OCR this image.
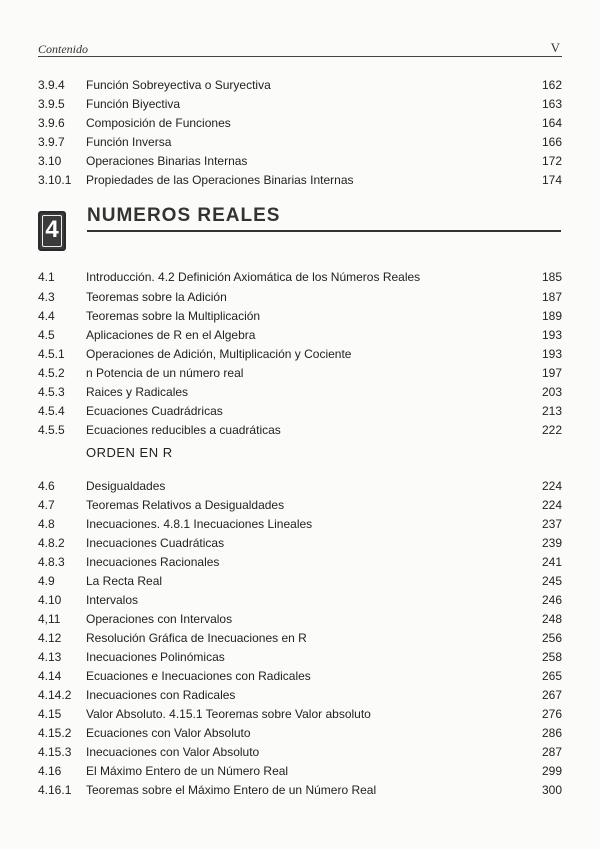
Contenido	V
3.9.4 Función Sobreyectiva o Suryectiva	162
3.9.5 Función Biyectiva	163
3.9.6 Composición de Funciones	164
3.9.7 Función Inversa	166
3.10 Operaciones Binarias Internas	172
3.10.1 Propiedades de las Operaciones Binarias Internas	174
4
NUMEROS REALES
4.1	Introducción. 4.2 Definición Axiomática de los Números Reales	185
4.3	Teoremas sobre la Adición	187
4.4	Teoremas sobre la Multiplicación	189
4.5	Aplicaciones de R en el Algebra	193
4.5.1 Operaciones de Adición, Multiplicación y Cociente	193
4.5.2 n Potencia de un número real	197
4.5.3 Raices y Radicales	203
4.5.4 Ecuaciones Cuadrádricas	213
4.5.5 Ecuaciones reducibles a cuadráticas	222
ORDEN EN R
4.6	Desigualdades	224
4.7	Teoremas Relativos a Desigualdades	224
4.8	Inecuaciones. 4.8.1 Inecuaciones Lineales	237
4.8.2 Inecuaciones Cuadráticas	239
4.8.3 Inecuaciones Racionales	241
4.9	La Recta Real	245
4.10 Intervalos	246
4,11 Operaciones con Intervalos	248
4.12 Resolución Gráfica de Inecuaciones en R	256
4.13 Inecuaciones Polinómicas	258
4.14 Ecuaciones e Inecuaciones con Radicales	265
4.14.2 Inecuaciones con Radicales	267
4.15 Valor Absoluto. 4.15.1 Teoremas sobre Valor absoluto	276
4.15.2 Ecuaciones con Valor Absoluto	286
4.15.3 Inecuaciones con Valor Absoluto	287
4.16 El Máximo Entero de un Número Real	299
4.16.1 Teoremas sobre el Máximo Entero de un Número Real	300
